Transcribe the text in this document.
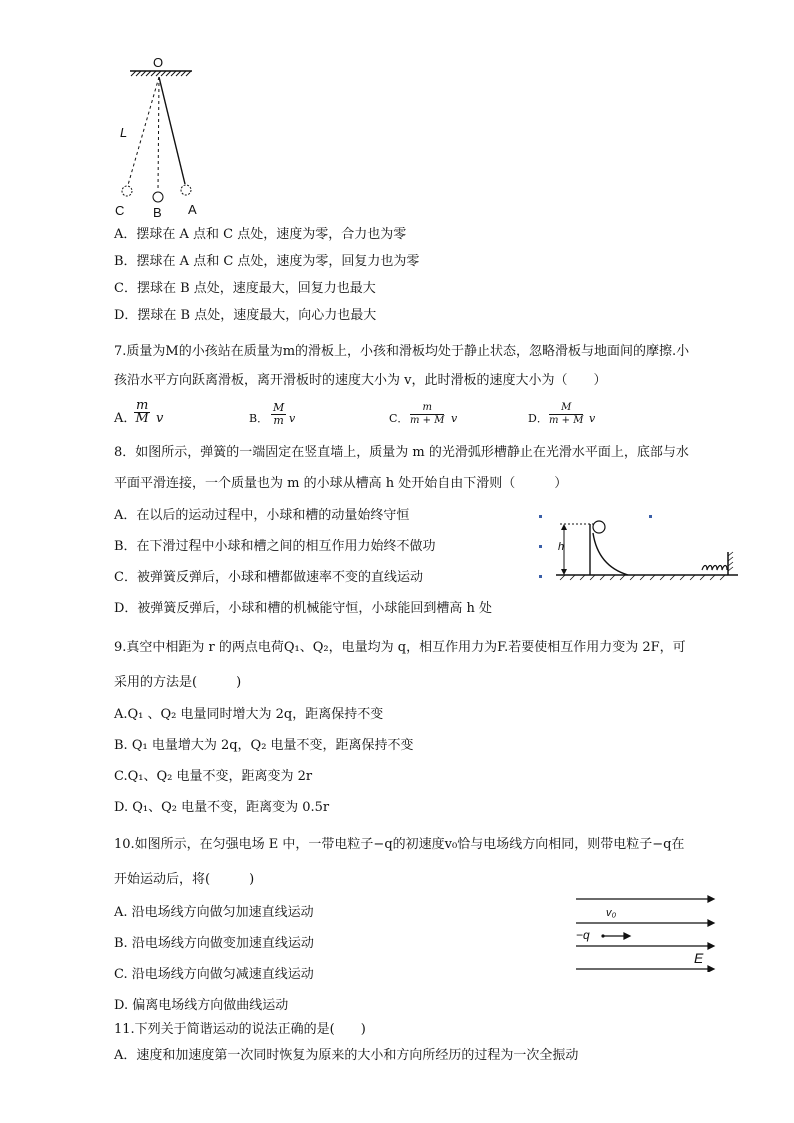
O
L
C B A
A．摆球在 A 点和 C 点处，速度为零，合力也为零
B．摆球在 A 点和 C 点处，速度为零，回复力也为零
C．摆球在 B 点处，速度最大，回复力也最大
D．摆球在 B 点处，速度最大，向心力也最大
7.质量为M的小孩站在质量为m的滑板上，小孩和滑板均处于静止状态，忽略滑板与地面间的摩擦.小
孩沿水平方向跃离滑板，离开滑板时的速度大小为 v，此时滑板的速度大小为（　　）
A．
$\frac{m}{M}$ v	B． $\frac{M}{m}$ v	C． $\frac{m}{m + M}$ v	D． $\frac{M}{m + M}$ v
8．如图所示，弹簧的一端固定在竖直墙上，质量为 m 的光滑弧形槽静止在光滑水平面上，底部与水
平面平滑连接，一个质量也为 m 的小球从槽高 h 处开始自由下滑则（　　　）
A．在以后的运动过程中，小球和槽的动量始终守恒
B．在下滑过程中小球和槽之间的相互作用力始终不做功
C．被弹簧反弹后，小球和槽都做速率不变的直线运动
D．被弹簧反弹后，小球和槽的机械能守恒，小球能回到槽高 h 处
h
9.真空中相距为 r 的两点电荷Q₁、Q₂，电量均为 q，相互作用力为F.若要使相互作用力变为 2F，可
采用的方法是(　　　)
A.Q₁ 、Q₂ 电量同时增大为 2q，距离保持不变
B. Q₁ 电量增大为 2q，Q₂ 电量不变，距离保持不变
C.Q₁、Q₂ 电量不变，距离变为 2r
D. Q₁、Q₂ 电量不变，距离变为 0.5r
10.如图所示，在匀强电场 E 中，一带电粒子−q的初速度v₀恰与电场线方向相同，则带电粒子−q在
开始运动后，将(　　　)
A. 沿电场线方向做匀加速直线运动
B. 沿电场线方向做变加速直线运动
C. 沿电场线方向做匀减速直线运动
D. 偏离电场线方向做曲线运动
v₀
−q
E
11.下列关于简谐运动的说法正确的是(　　)
A．速度和加速度第一次同时恢复为原来的大小和方向所经历的过程为一次全振动
